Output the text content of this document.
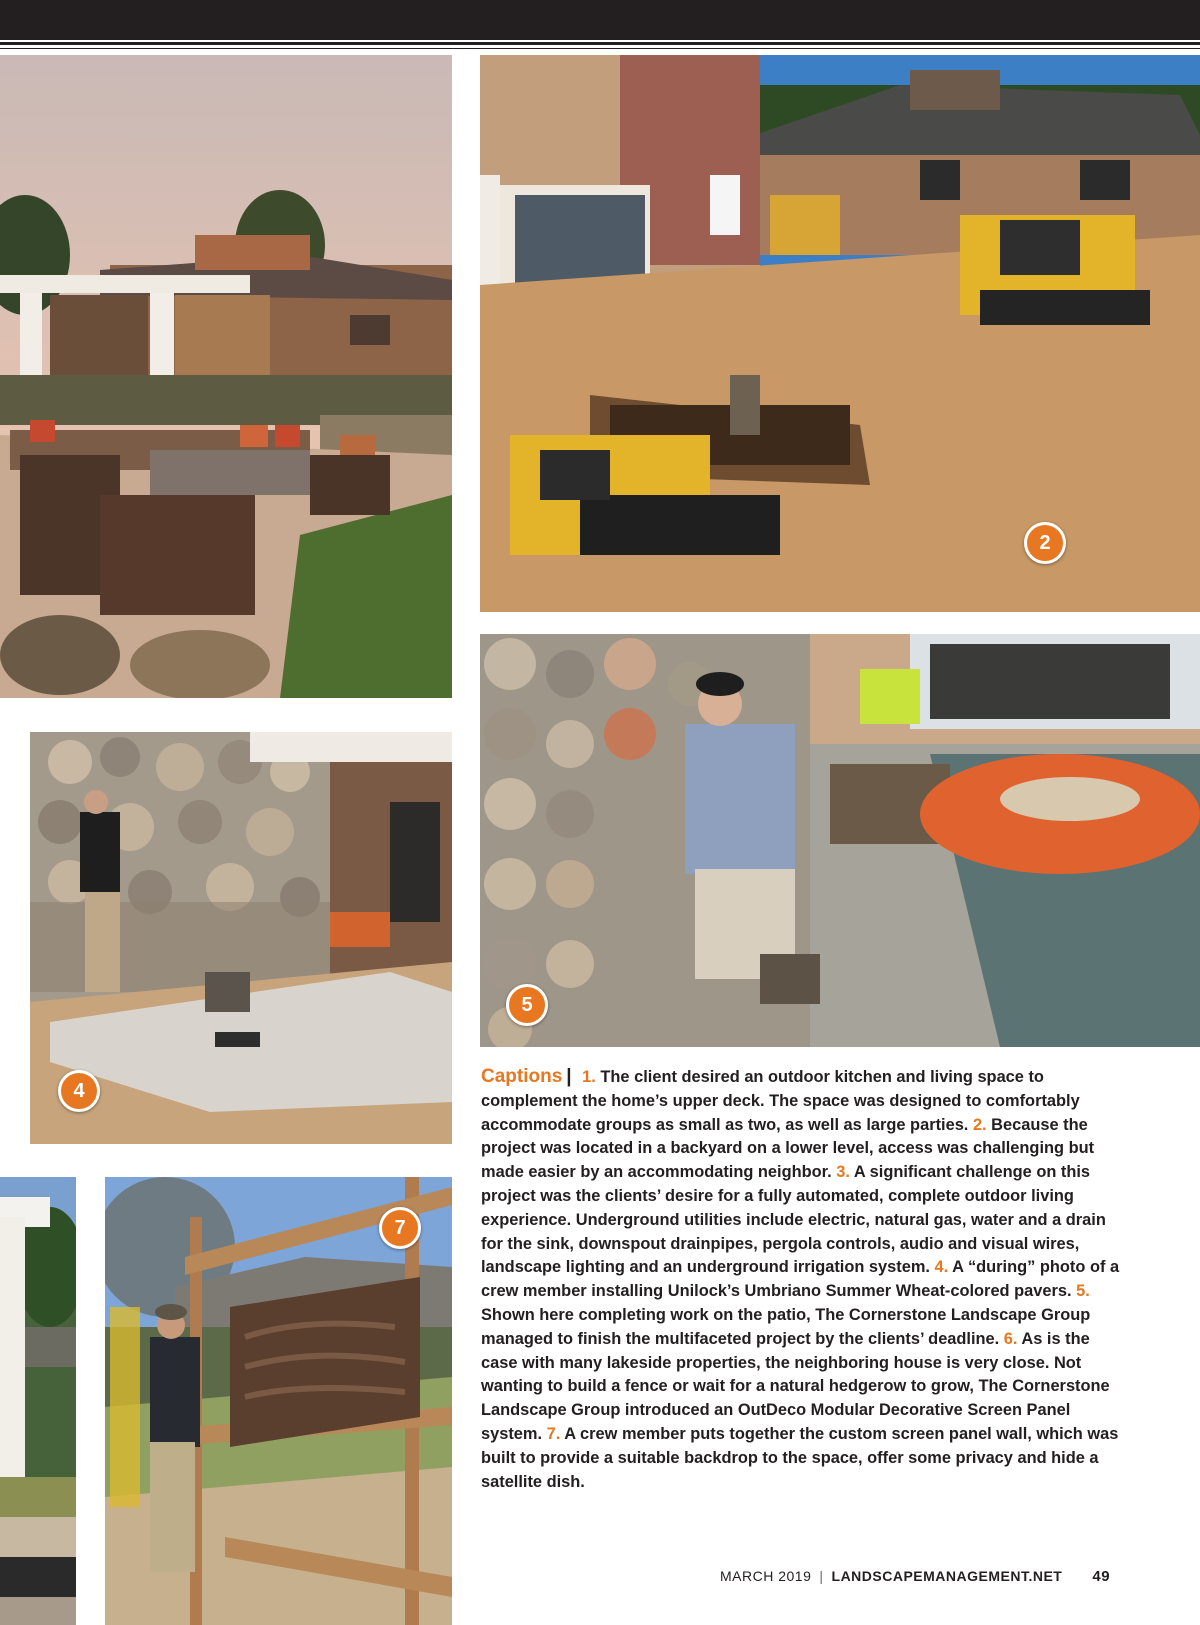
2
4
5
7
Captions | 1. The client desired an outdoor kitchen and living space to complement the home’s upper deck. The space was designed to comfortably accommodate groups as small as two, as well as large parties. 2. Because the project was located in a backyard on a lower level, access was challenging but made easier by an accommodating neighbor. 3. A significant challenge on this project was the clients’ desire for a fully automated, complete outdoor living experience. Underground utilities include electric, natural gas, water and a drain for the sink, downspout drainpipes, pergola controls, audio and visual wires, landscape lighting and an underground irrigation system. 4. A “during” photo of a crew member installing Unilock’s Umbriano Summer Wheat-colored pavers. 5. Shown here completing work on the patio, The Cornerstone Landscape Group managed to finish the multifaceted project by the clients’ deadline. 6. As is the case with many lakeside properties, the neighboring house is very close. Not wanting to build a fence or wait for a natural hedgerow to grow, The Cornerstone Landscape Group introduced an OutDeco Modular Decorative Screen Panel system. 7. A crew member puts together the custom screen panel wall, which was built to provide a suitable backdrop to the space, offer some privacy and hide a satellite dish.
MARCH 2019 | LANDSCAPEMANAGEMENT.NET 49
